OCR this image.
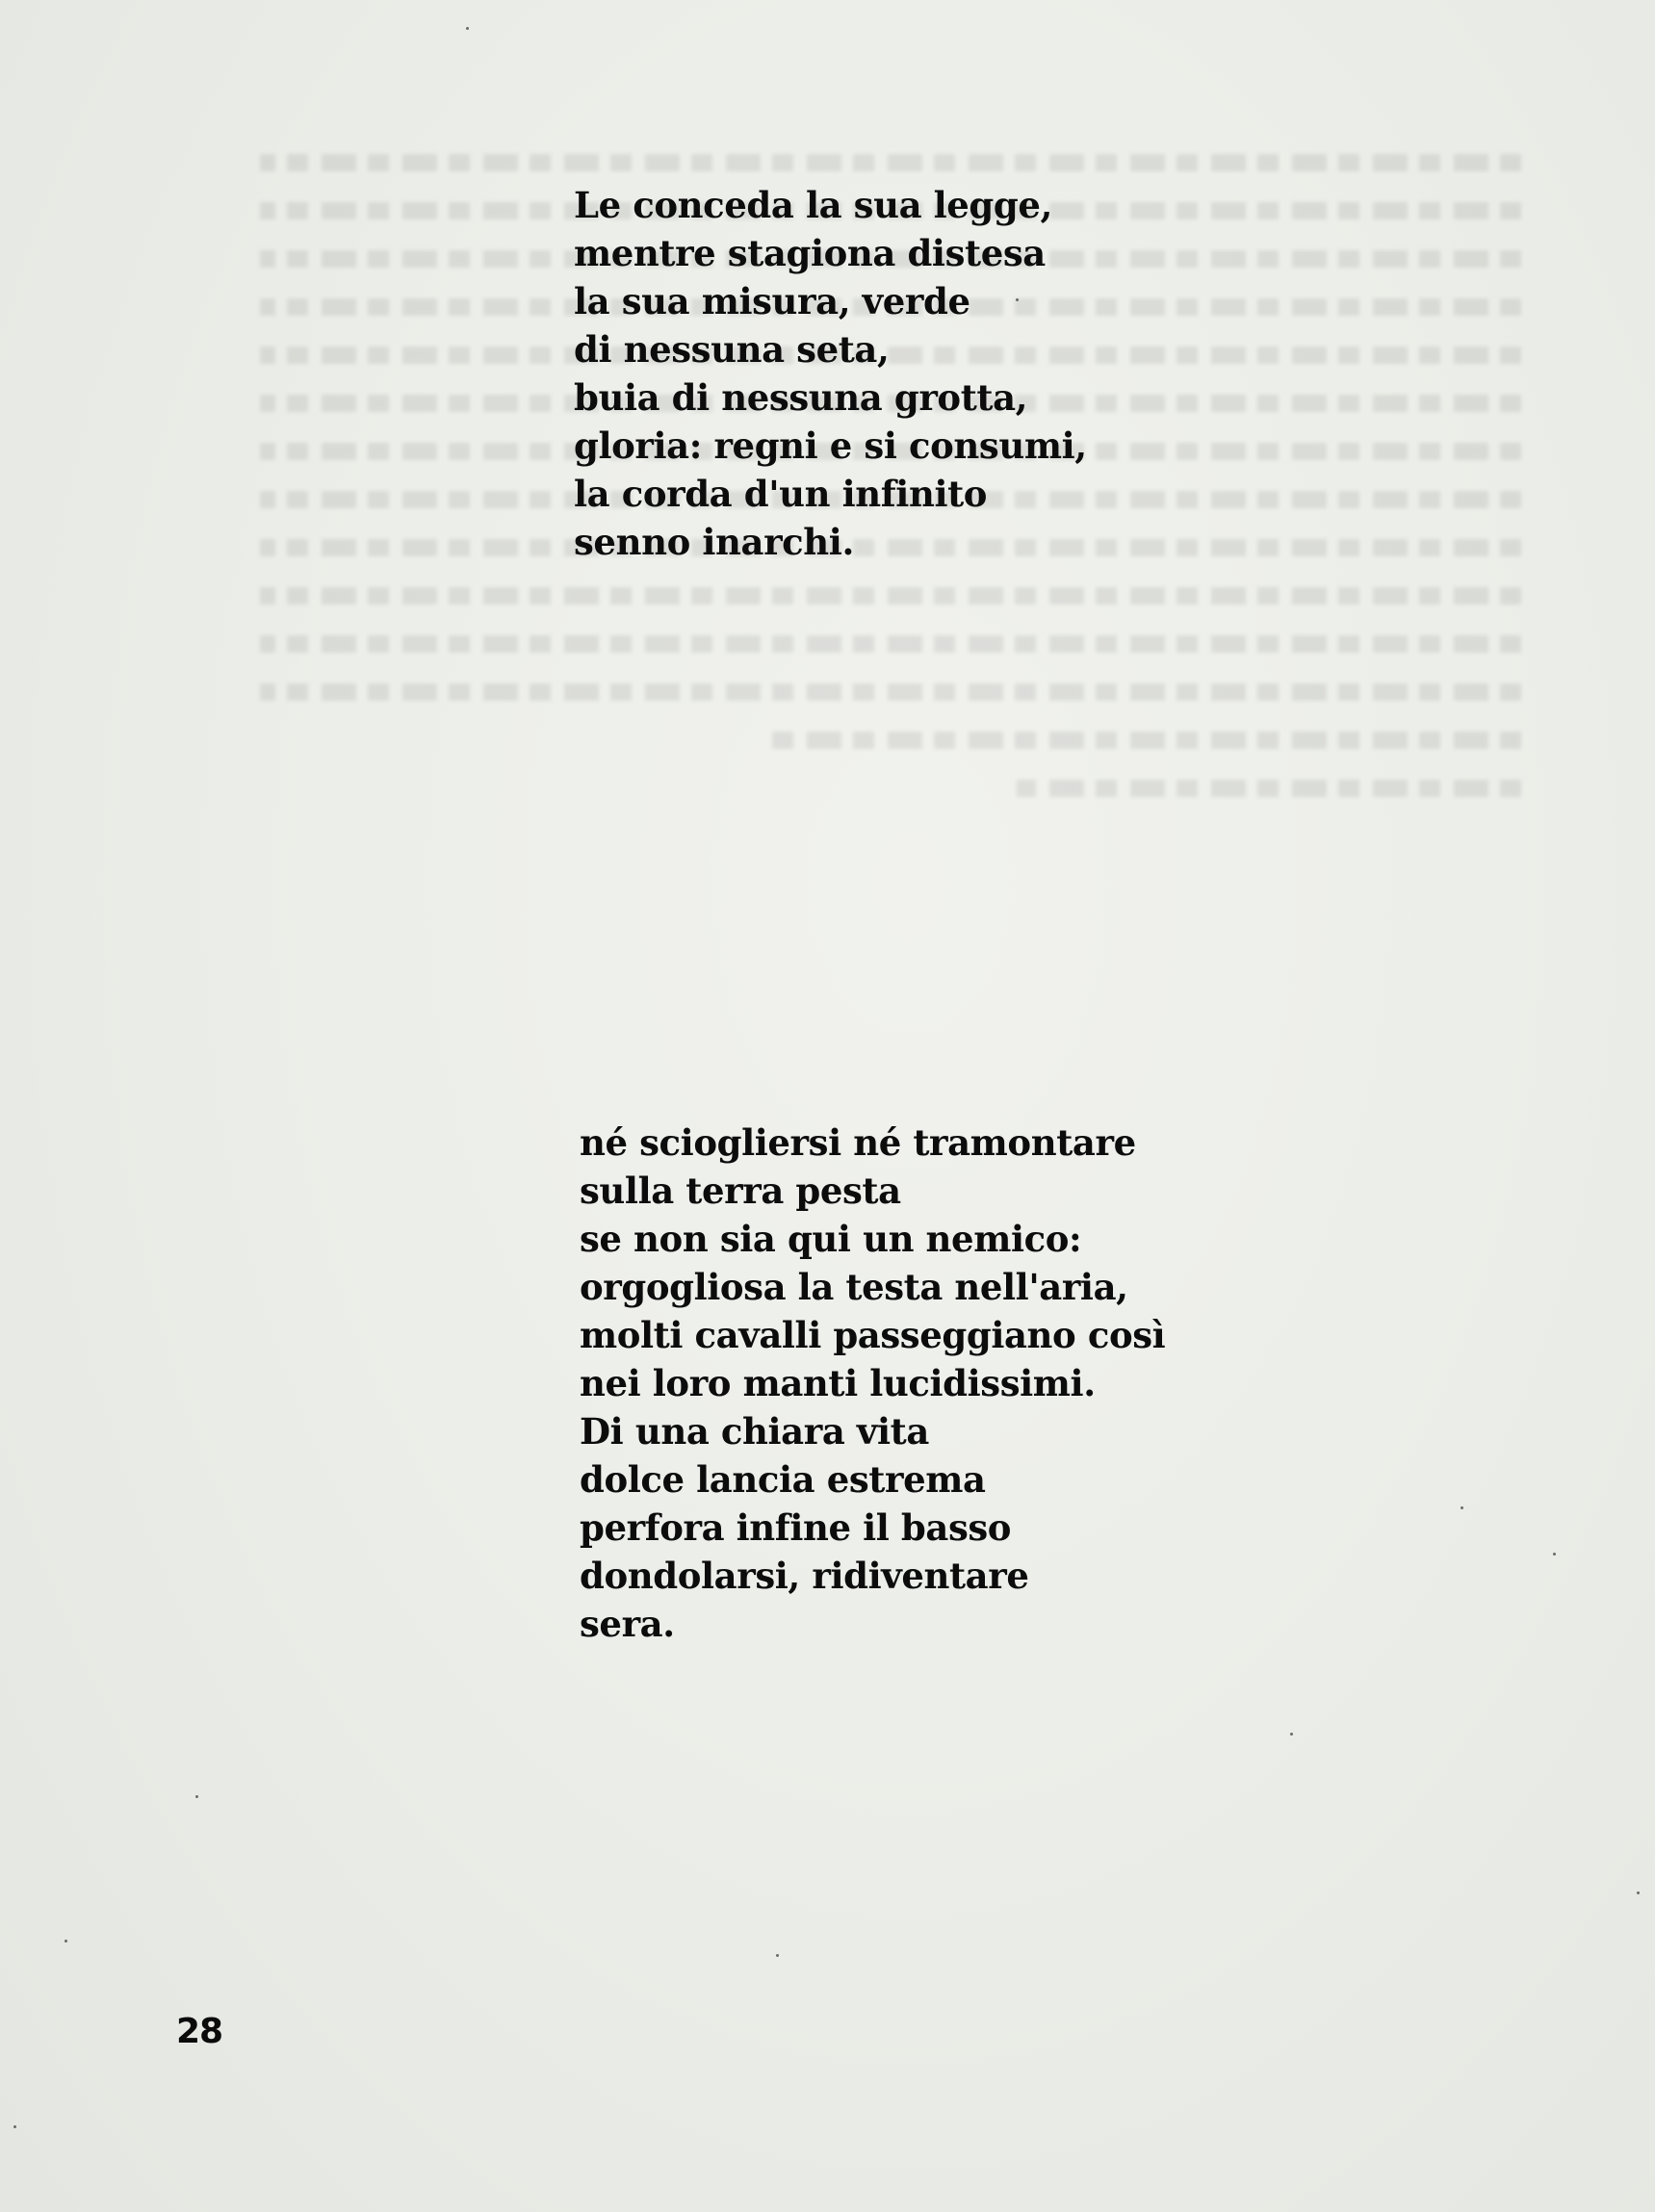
Le conceda la sua legge,
mentre stagiona distesa
la sua misura, verde
di nessuna seta,
buia di nessuna grotta,
gloria: regni e si consumi,
la corda d'un infinito
senno inarchi.
né sciogliersi né tramontare
sulla terra pesta
se non sia qui un nemico:
orgogliosa la testa nell'aria,
molti cavalli passeggiano così
nei loro manti lucidissimi.
Di una chiara vita
dolce lancia estrema
perfora infine il basso
dondolarsi, ridiventare
sera.
28
